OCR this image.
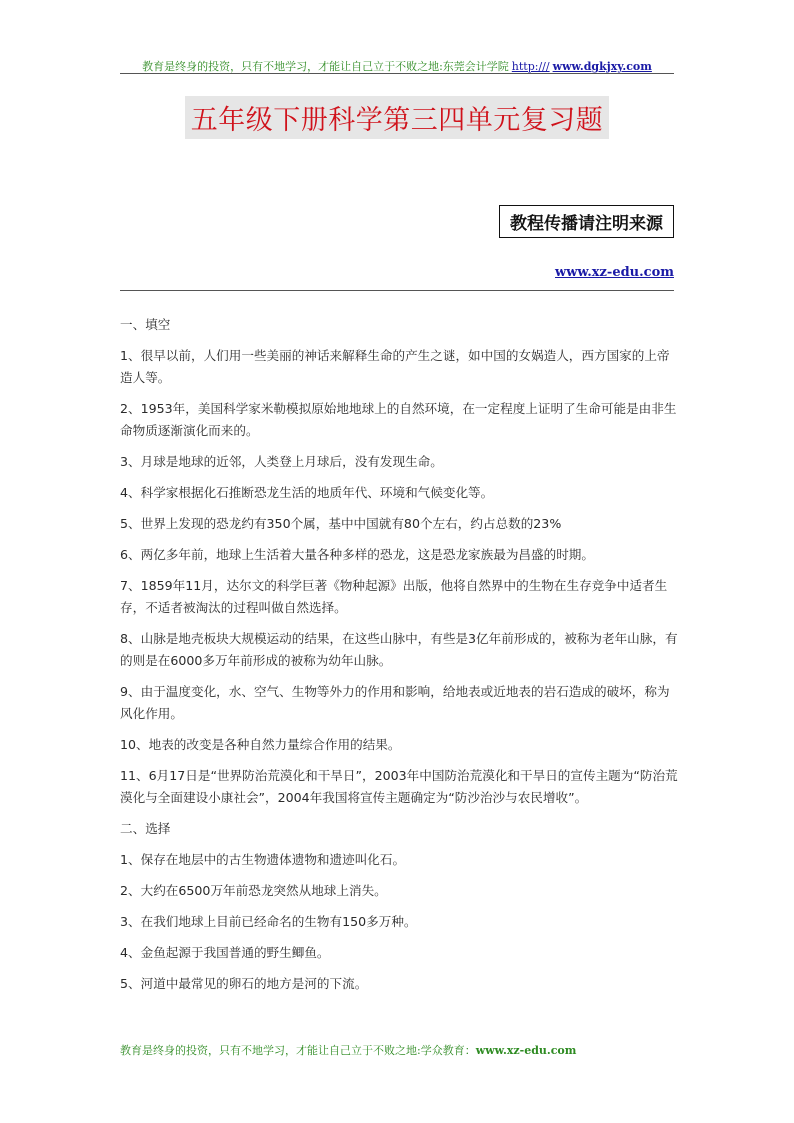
教育是终身的投资，只有不地学习，才能让自己立于不败之地:东莞会计学院 http:/// www.dgkjxy.com
五年级下册科学第三四单元复习题
教程传播请注明来源
www.xz-edu.com

一、填空

1、很早以前，人们用一些美丽的神话来解释生命的产生之谜，如中国的女娲造人，西方国家的上帝造人等。

2、1953年，美国科学家米勒模拟原始地地球上的自然环境，在一定程度上证明了生命可能是由非生命物质逐渐演化而来的。

3、月球是地球的近邻，人类登上月球后，没有发现生命。

4、科学家根据化石推断恐龙生活的地质年代、环境和气候变化等。

5、世界上发现的恐龙约有350个属，基中中国就有80个左右，约占总数的23%

6、两亿多年前，地球上生活着大量各种多样的恐龙，这是恐龙家族最为昌盛的时期。

7、1859年11月，达尔文的科学巨著《物种起源》出版，他将自然界中的生物在生存竞争中适者生存，不适者被淘汰的过程叫做自然选择。

8、山脉是地壳板块大规模运动的结果，在这些山脉中，有些是3亿年前形成的，被称为老年山脉，有的则是在6000多万年前形成的被称为幼年山脉。

9、由于温度变化，水、空气、生物等外力的作用和影响，给地表或近地表的岩石造成的破坏，称为风化作用。

10、地表的改变是各种自然力量综合作用的结果。

11、6月17日是“世界防治荒漠化和干旱日”，2003年中国防治荒漠化和干旱日的宣传主题为“防治荒漠化与全面建设小康社会”，2004年我国将宣传主题确定为“防沙治沙与农民增收”。

二、选择

1、保存在地层中的古生物遗体遗物和遗迹叫化石。

2、大约在6500万年前恐龙突然从地球上消失。

3、在我们地球上目前已经命名的生物有150多万种。

4、金鱼起源于我国普通的野生鲫鱼。

5、河道中最常见的卵石的地方是河的下流。

教育是终身的投资，只有不地学习，才能让自己立于不败之地:学众教育：www.xz-edu.com
